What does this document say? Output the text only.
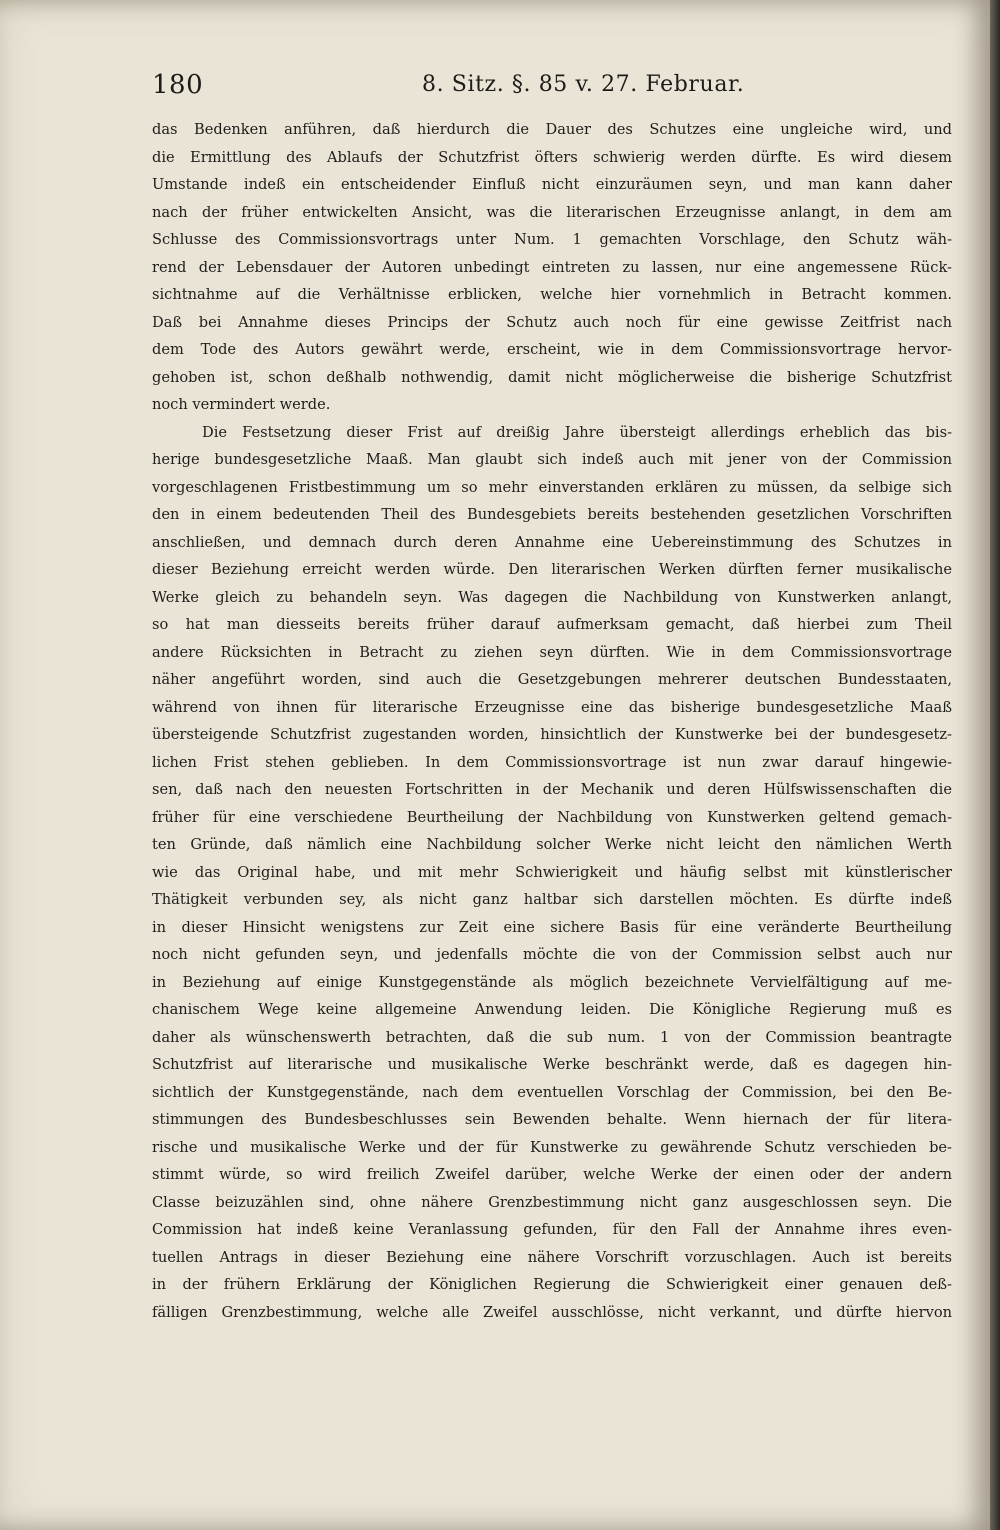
180	8. Sitz. §. 85 v. 27. Februar.
das Bedenken anführen, daß hierdurch die Dauer des Schutzes eine ungleiche wird, und
die Ermittlung des Ablaufs der Schutzfrist öfters schwierig werden dürfte. Es wird diesem
Umstande indeß ein entscheidender Einfluß nicht einzuräumen seyn, und man kann daher
nach der früher entwickelten Ansicht, was die literarischen Erzeugnisse anlangt, in dem am
Schlusse des Commissionsvortrags unter Num. 1 gemachten Vorschlage, den Schutz wäh-
rend der Lebensdauer der Autoren unbedingt eintreten zu lassen, nur eine angemessene Rück-
sichtnahme auf die Verhältnisse erblicken, welche hier vornehmlich in Betracht kommen.
Daß bei Annahme dieses Princips der Schutz auch noch für eine gewisse Zeitfrist nach
dem Tode des Autors gewährt werde, erscheint, wie in dem Commissionsvortrage hervor-
gehoben ist, schon deßhalb nothwendig, damit nicht möglicherweise die bisherige Schutzfrist
noch vermindert werde.
Die Festsetzung dieser Frist auf dreißig Jahre übersteigt allerdings erheblich das bis-
herige bundesgesetzliche Maaß. Man glaubt sich indeß auch mit jener von der Commission
vorgeschlagenen Fristbestimmung um so mehr einverstanden erklären zu müssen, da selbige sich
den in einem bedeutenden Theil des Bundesgebiets bereits bestehenden gesetzlichen Vorschriften
anschließen, und demnach durch deren Annahme eine Uebereinstimmung des Schutzes in
dieser Beziehung erreicht werden würde. Den literarischen Werken dürften ferner musikalische
Werke gleich zu behandeln seyn. Was dagegen die Nachbildung von Kunstwerken anlangt,
so hat man diesseits bereits früher darauf aufmerksam gemacht, daß hierbei zum Theil
andere Rücksichten in Betracht zu ziehen seyn dürften. Wie in dem Commissionsvortrage
näher angeführt worden, sind auch die Gesetzgebungen mehrerer deutschen Bundesstaaten,
während von ihnen für literarische Erzeugnisse eine das bisherige bundesgesetzliche Maaß
übersteigende Schutzfrist zugestanden worden, hinsichtlich der Kunstwerke bei der bundesgesetz-
lichen Frist stehen geblieben. In dem Commissionsvortrage ist nun zwar darauf hingewie-
sen, daß nach den neuesten Fortschritten in der Mechanik und deren Hülfswissenschaften die
früher für eine verschiedene Beurtheilung der Nachbildung von Kunstwerken geltend gemach-
ten Gründe, daß nämlich eine Nachbildung solcher Werke nicht leicht den nämlichen Werth
wie das Original habe, und mit mehr Schwierigkeit und häufig selbst mit künstlerischer
Thätigkeit verbunden sey, als nicht ganz haltbar sich darstellen möchten. Es dürfte indeß
in dieser Hinsicht wenigstens zur Zeit eine sichere Basis für eine veränderte Beurtheilung
noch nicht gefunden seyn, und jedenfalls möchte die von der Commission selbst auch nur
in Beziehung auf einige Kunstgegenstände als möglich bezeichnete Vervielfältigung auf me-
chanischem Wege keine allgemeine Anwendung leiden. Die Königliche Regierung muß es
daher als wünschenswerth betrachten, daß die sub num. 1 von der Commission beantragte
Schutzfrist auf literarische und musikalische Werke beschränkt werde, daß es dagegen hin-
sichtlich der Kunstgegenstände, nach dem eventuellen Vorschlag der Commission, bei den Be-
stimmungen des Bundesbeschlusses sein Bewenden behalte. Wenn hiernach der für litera-
rische und musikalische Werke und der für Kunstwerke zu gewährende Schutz verschieden be-
stimmt würde, so wird freilich Zweifel darüber, welche Werke der einen oder der andern
Classe beizuzählen sind, ohne nähere Grenzbestimmung nicht ganz ausgeschlossen seyn. Die
Commission hat indeß keine Veranlassung gefunden, für den Fall der Annahme ihres even-
tuellen Antrags in dieser Beziehung eine nähere Vorschrift vorzuschlagen. Auch ist bereits
in der frühern Erklärung der Königlichen Regierung die Schwierigkeit einer genauen deß-
fälligen Grenzbestimmung, welche alle Zweifel ausschlösse, nicht verkannt, und dürfte hiervon
